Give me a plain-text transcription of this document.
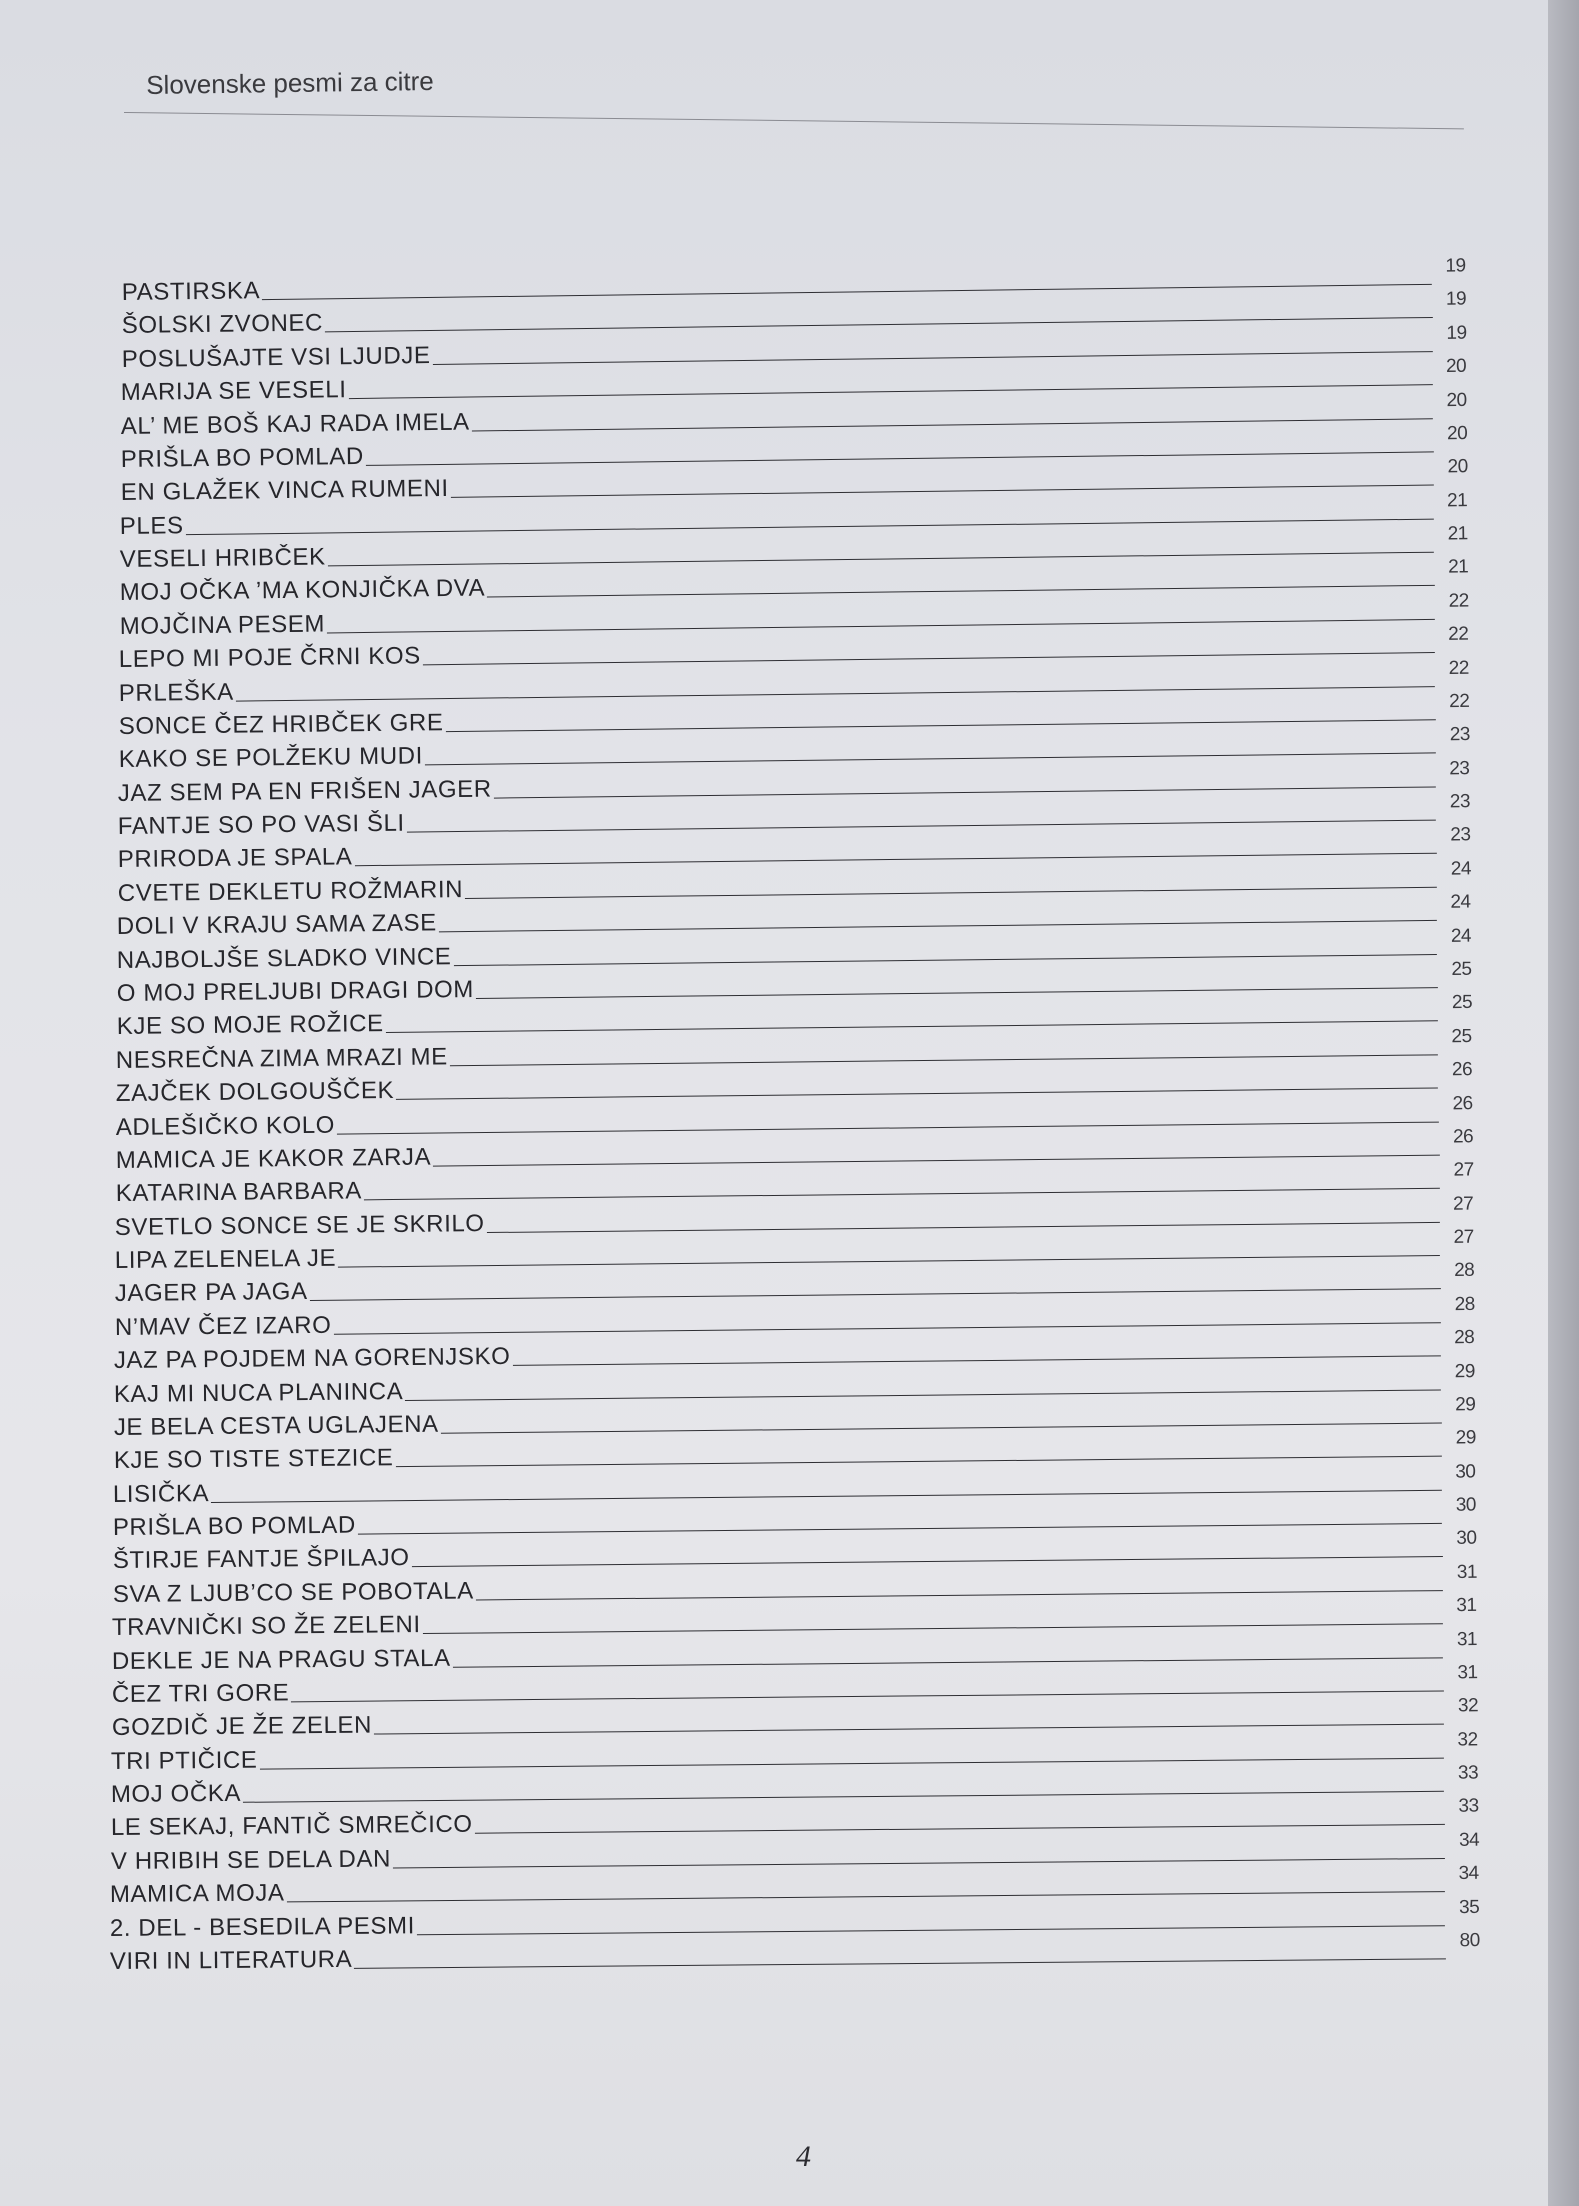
Slovenske pesmi za citre
PASTIRSKA
19
ŠOLSKI ZVONEC
19
POSLUŠAJTE VSI LJUDJE
19
MARIJA SE VESELI
20
AL’ ME BOŠ KAJ RADA IMELA
20
PRIŠLA BO POMLAD
20
EN GLAŽEK VINCA RUMENI
20
PLES
21
VESELI HRIBČEK
21
MOJ OČKA ’MA KONJIČKA DVA
21
MOJČINA PESEM
22
LEPO MI POJE ČRNI KOS
22
PRLEŠKA
22
SONCE ČEZ HRIBČEK GRE
22
KAKO SE POLŽEKU MUDI
23
JAZ SEM PA EN FRIŠEN JAGER
23
FANTJE SO PO VASI ŠLI
23
PRIRODA JE SPALA
23
CVETE DEKLETU ROŽMARIN
24
DOLI V KRAJU SAMA ZASE
24
NAJBOLJŠE SLADKO VINCE
24
O MOJ PRELJUBI DRAGI DOM
25
KJE SO MOJE ROŽICE
25
NESREČNA ZIMA MRAZI ME
25
ZAJČEK DOLGOUŠČEK
26
ADLEŠIČKO KOLO
26
MAMICA JE KAKOR ZARJA
26
KATARINA BARBARA
27
SVETLO SONCE SE JE SKRILO
27
LIPA ZELENELA JE
27
JAGER PA JAGA
28
N’MAV ČEZ IZARO
28
JAZ PA POJDEM NA GORENJSKO
28
KAJ MI NUCA PLANINCA
29
JE BELA CESTA UGLAJENA
29
KJE SO TISTE STEZICE
29
LISIČKA
30
PRIŠLA BO POMLAD
30
ŠTIRJE FANTJE ŠPILAJO
30
SVA Z LJUB’CO SE POBOTALA
31
TRAVNIČKI SO ŽE ZELENI
31
DEKLE JE NA PRAGU STALA
31
ČEZ TRI GORE
31
GOZDIČ JE ŽE ZELEN
32
TRI PTIČICE
32
MOJ OČKA
33
LE SEKAJ, FANTIČ SMREČICO
33
V HRIBIH SE DELA DAN
34
MAMICA MOJA
34
2. DEL - BESEDILA PESMI
35
VIRI IN LITERATURA
80
4
